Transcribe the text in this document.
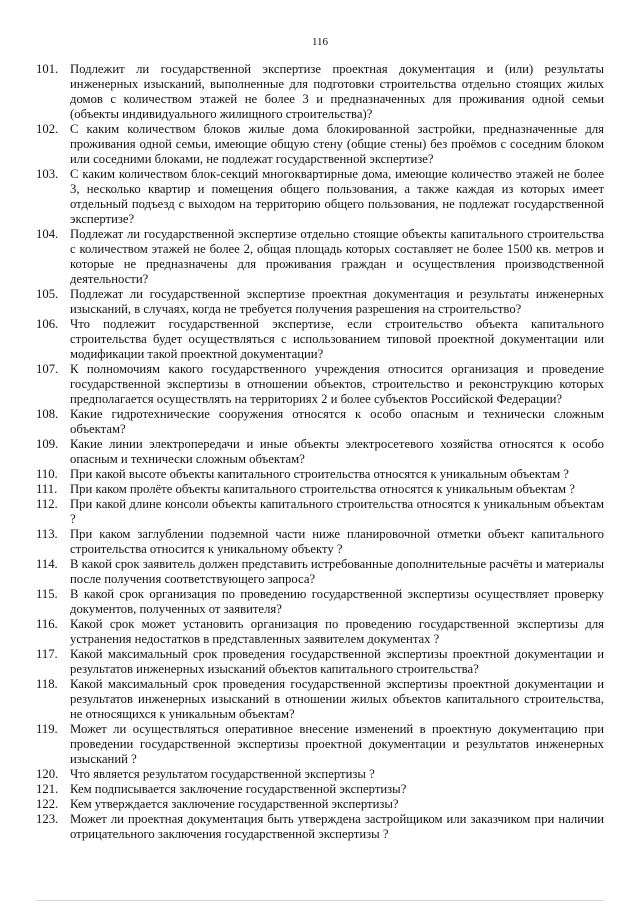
116
101. Подлежит ли государственной экспертизе проектная документация и (или) результаты инженерных изысканий, выполненные для подготовки строительства отдельно стоящих жилых домов с количеством этажей не более 3 и предназначенных для проживания одной семьи (объекты индивидуального жилищного строительства)?
102. С каким количеством блоков жилые дома блокированной застройки, предназначенные для проживания одной семьи, имеющие общую стену (общие стены) без проёмов с соседним блоком или соседними блоками, не подлежат государственной экспертизе?
103. С каким количеством блок-секций многоквартирные дома, имеющие количество этажей не более 3, несколько квартир и помещения общего пользования, а также каждая из которых имеет отдельный подъезд с выходом на территорию общего пользования, не подлежат государственной экспертизе?
104. Подлежат ли государственной экспертизе отдельно стоящие объекты капитального строительства с количеством этажей не более 2, общая площадь которых составляет не более 1500 кв. метров и которые не предназначены для проживания граждан и осуществления производственной деятельности?
105. Подлежат ли государственной экспертизе проектная документация и результаты инженерных изысканий, в случаях, когда не требуется получения разрешения на строительство?
106. Что подлежит государственной экспертизе, если строительство объекта капитального строительства будет осуществляться с использованием типовой проектной документации или модификации такой проектной документации?
107. К полномочиям какого государственного учреждения относится организация и проведение государственной экспертизы в отношении объектов, строительство и реконструкцию которых предполагается осуществлять на территориях 2 и более субъектов Российской Федерации?
108. Какие гидротехнические сооружения относятся к особо опасным и технически сложным объектам?
109. Какие линии электропередачи и иные объекты электросетевого хозяйства относятся к особо опасным и технически сложным объектам?
110. При какой высоте объекты капитального строительства относятся к уникальным объектам ?
111.	При каком пролёте объекты капитального строительства относятся к уникальным объектам ?
112. При какой длине консоли объекты капитального строительства относятся к уникальным объектам ?
113. При каком заглублении подземной части ниже планировочной отметки объект капитального строительства относится к уникальному объекту ?
114. В какой срок заявитель должен представить истребованные дополнительные расчёты и материалы после получения соответствующего запроса?
115. В какой срок организация по проведению государственной экспертизы осуществляет проверку документов, полученных от заявителя?
116. Какой срок может установить организация по проведению государственной экспертизы для устранения недостатков в представленных заявителем документах ?
117. Какой максимальный срок проведения государственной экспертизы проектной документации и результатов инженерных изысканий объектов капитального строительства?
118. Какой максимальный срок проведения государственной экспертизы проектной документации и результатов инженерных изысканий в отношении жилых объектов капитального строительства, не относящихся к уникальным объектам?
119. Может ли осуществляться оперативное внесение изменений в проектную документацию при проведении государственной экспертизы проектной документации и результатов инженерных изысканий ?
120. Что является результатом государственной экспертизы ?
121. Кем подписывается заключение государственной экспертизы?
122. Кем утверждается заключение государственной экспертизы?
123. Может ли проектная документация быть утверждена застройщиком или заказчиком при наличии отрицательного заключения государственной экспертизы ?
